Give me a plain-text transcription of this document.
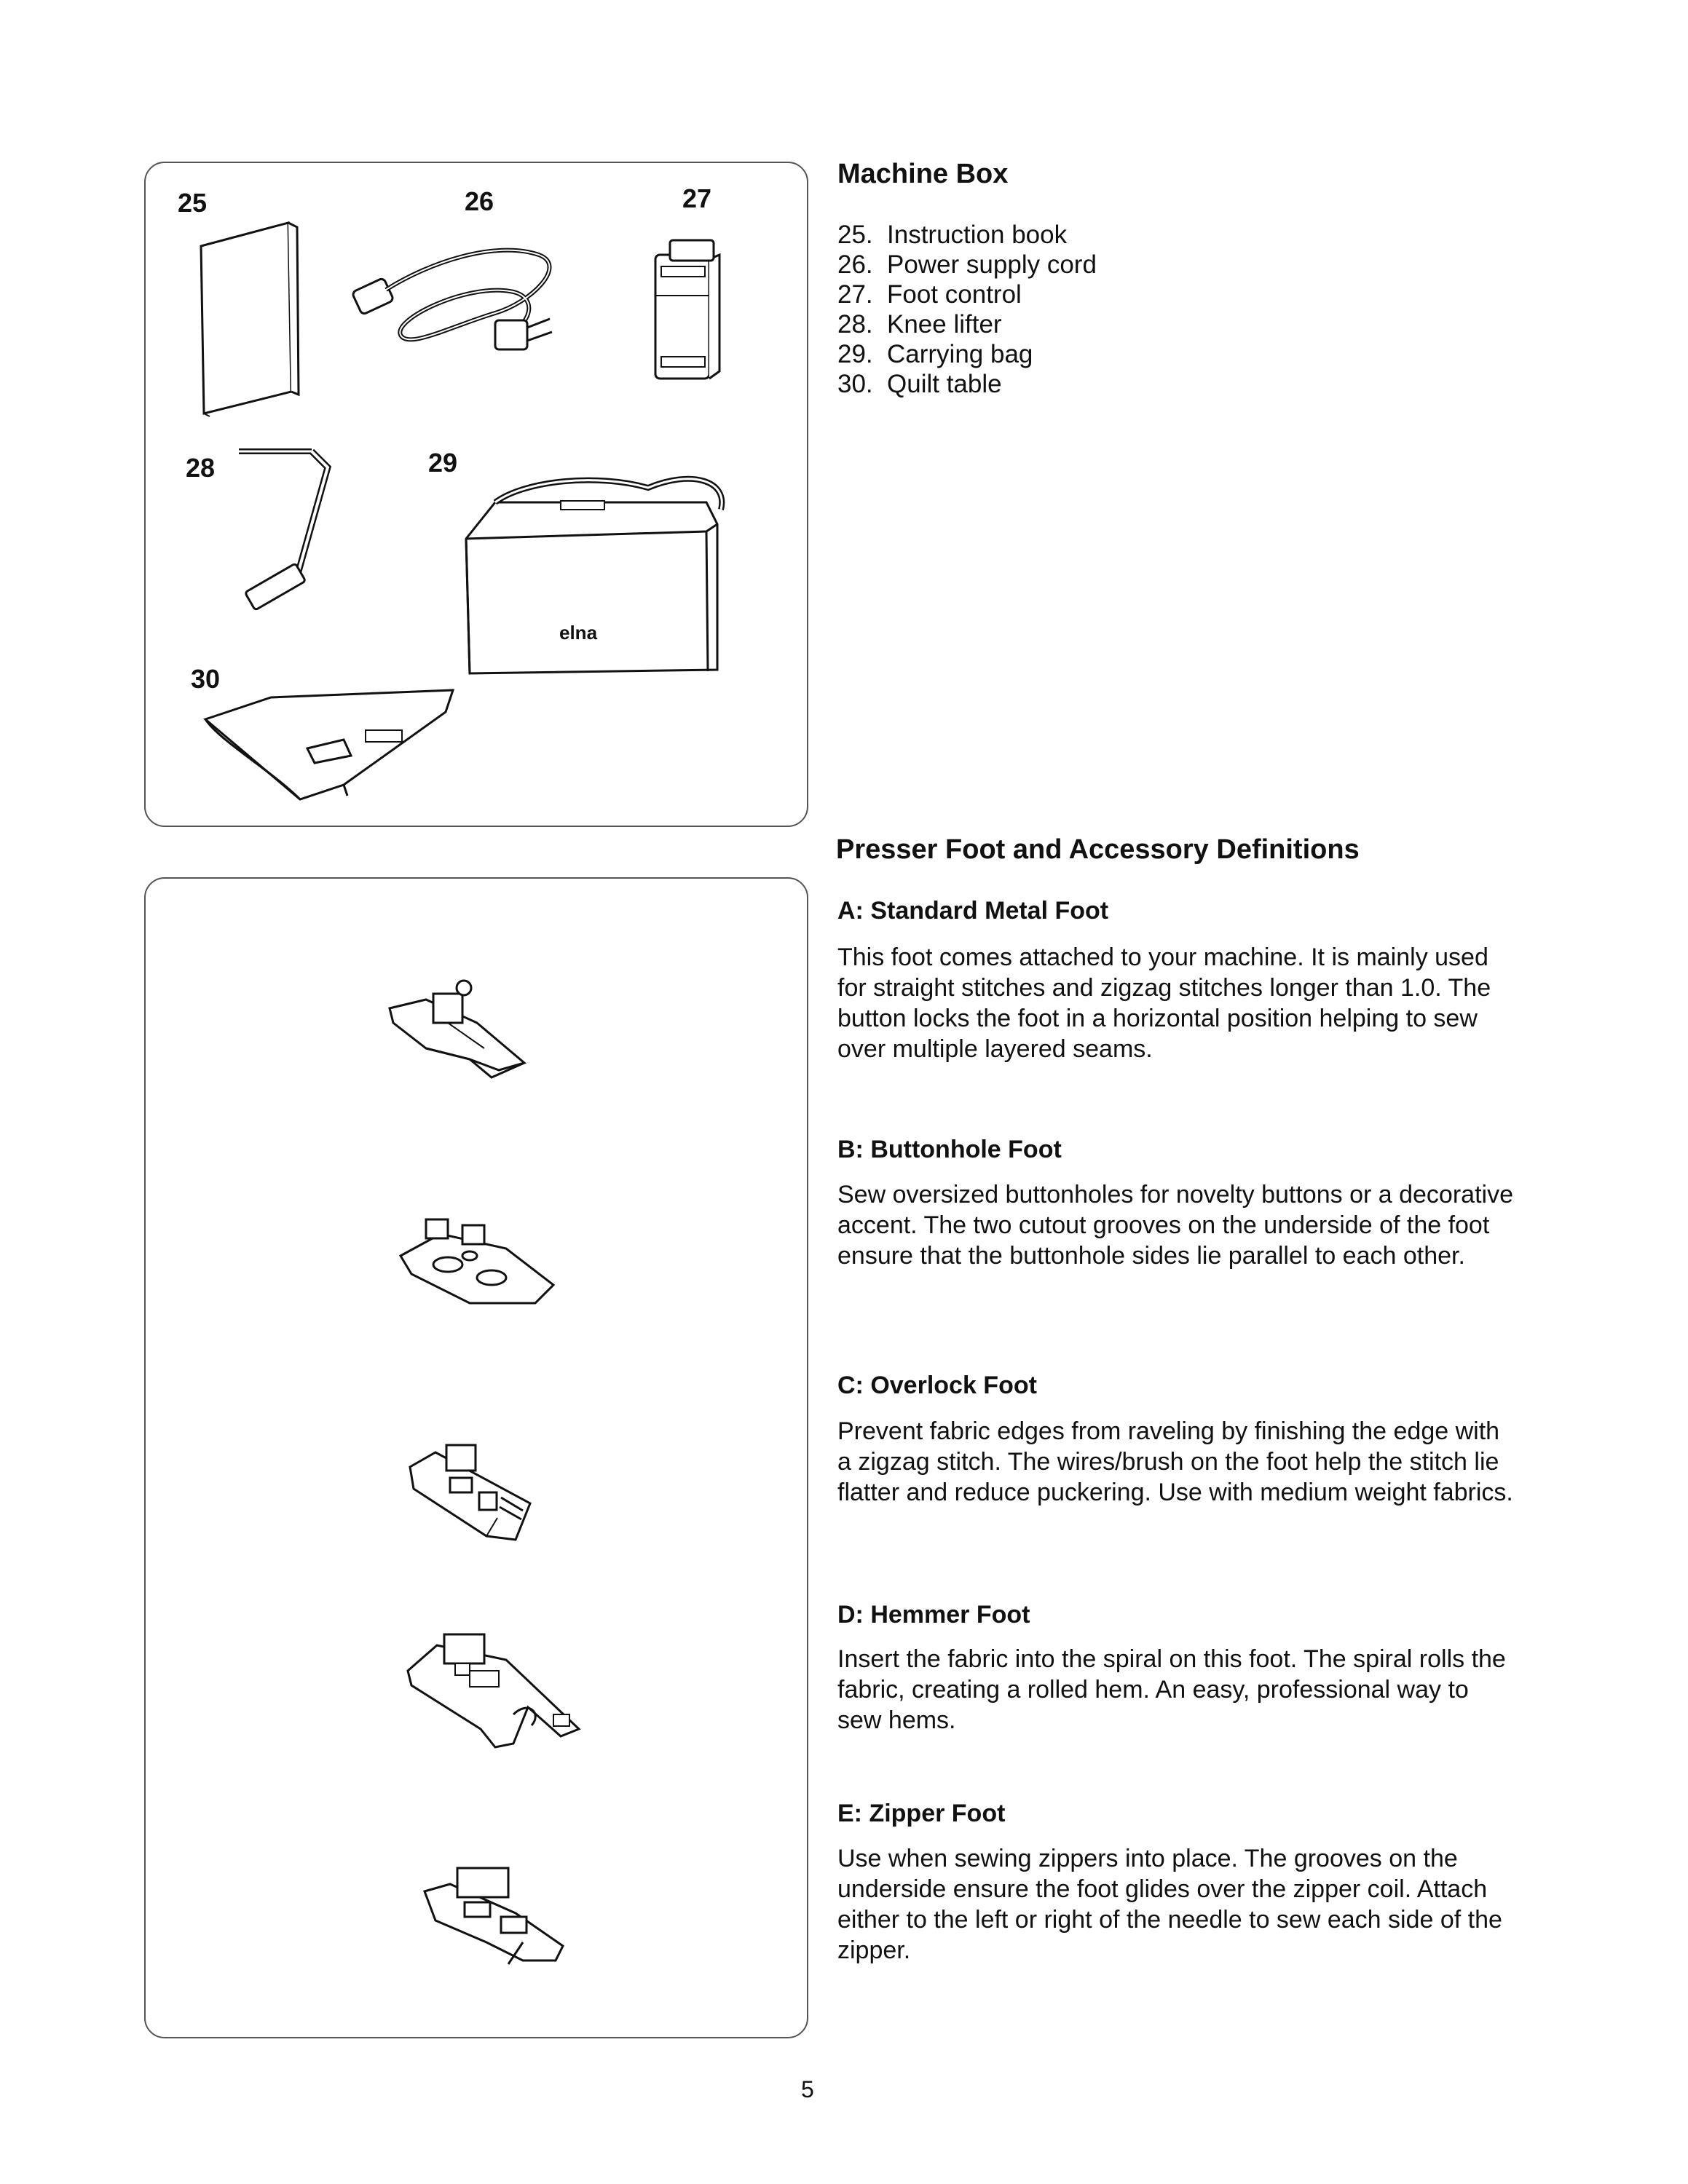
25	26	27
28	29
30
elna
Machine Box
25. Instruction book
26. Power supply cord
27. Foot control
28. Knee lifter
29. Carrying bag
30. Quilt table
Presser Foot and Accessory Definitions
A: Standard Metal Foot

This foot comes attached to your machine. It is mainly used for straight stitches and zigzag stitches longer than 1.0. The button locks the foot in a horizontal position helping to sew over multiple layered seams.

B: Buttonhole Foot

Sew oversized buttonholes for novelty buttons or a decorative accent. The two cutout grooves on the underside of the foot ensure that the buttonhole sides lie parallel to each other.

C: Overlock Foot

Prevent fabric edges from raveling by finishing the edge with a zigzag stitch. The wires/brush on the foot help the stitch lie flatter and reduce puckering. Use with medium weight fabrics.

D: Hemmer Foot

Insert the fabric into the spiral on this foot. The spiral rolls the fabric, creating a rolled hem. An easy, professional way to sew hems.

E: Zipper Foot

Use when sewing zippers into place. The grooves on the underside ensure the foot glides over the zipper coil. Attach either to the left or right of the needle to sew each side of the zipper.

5
